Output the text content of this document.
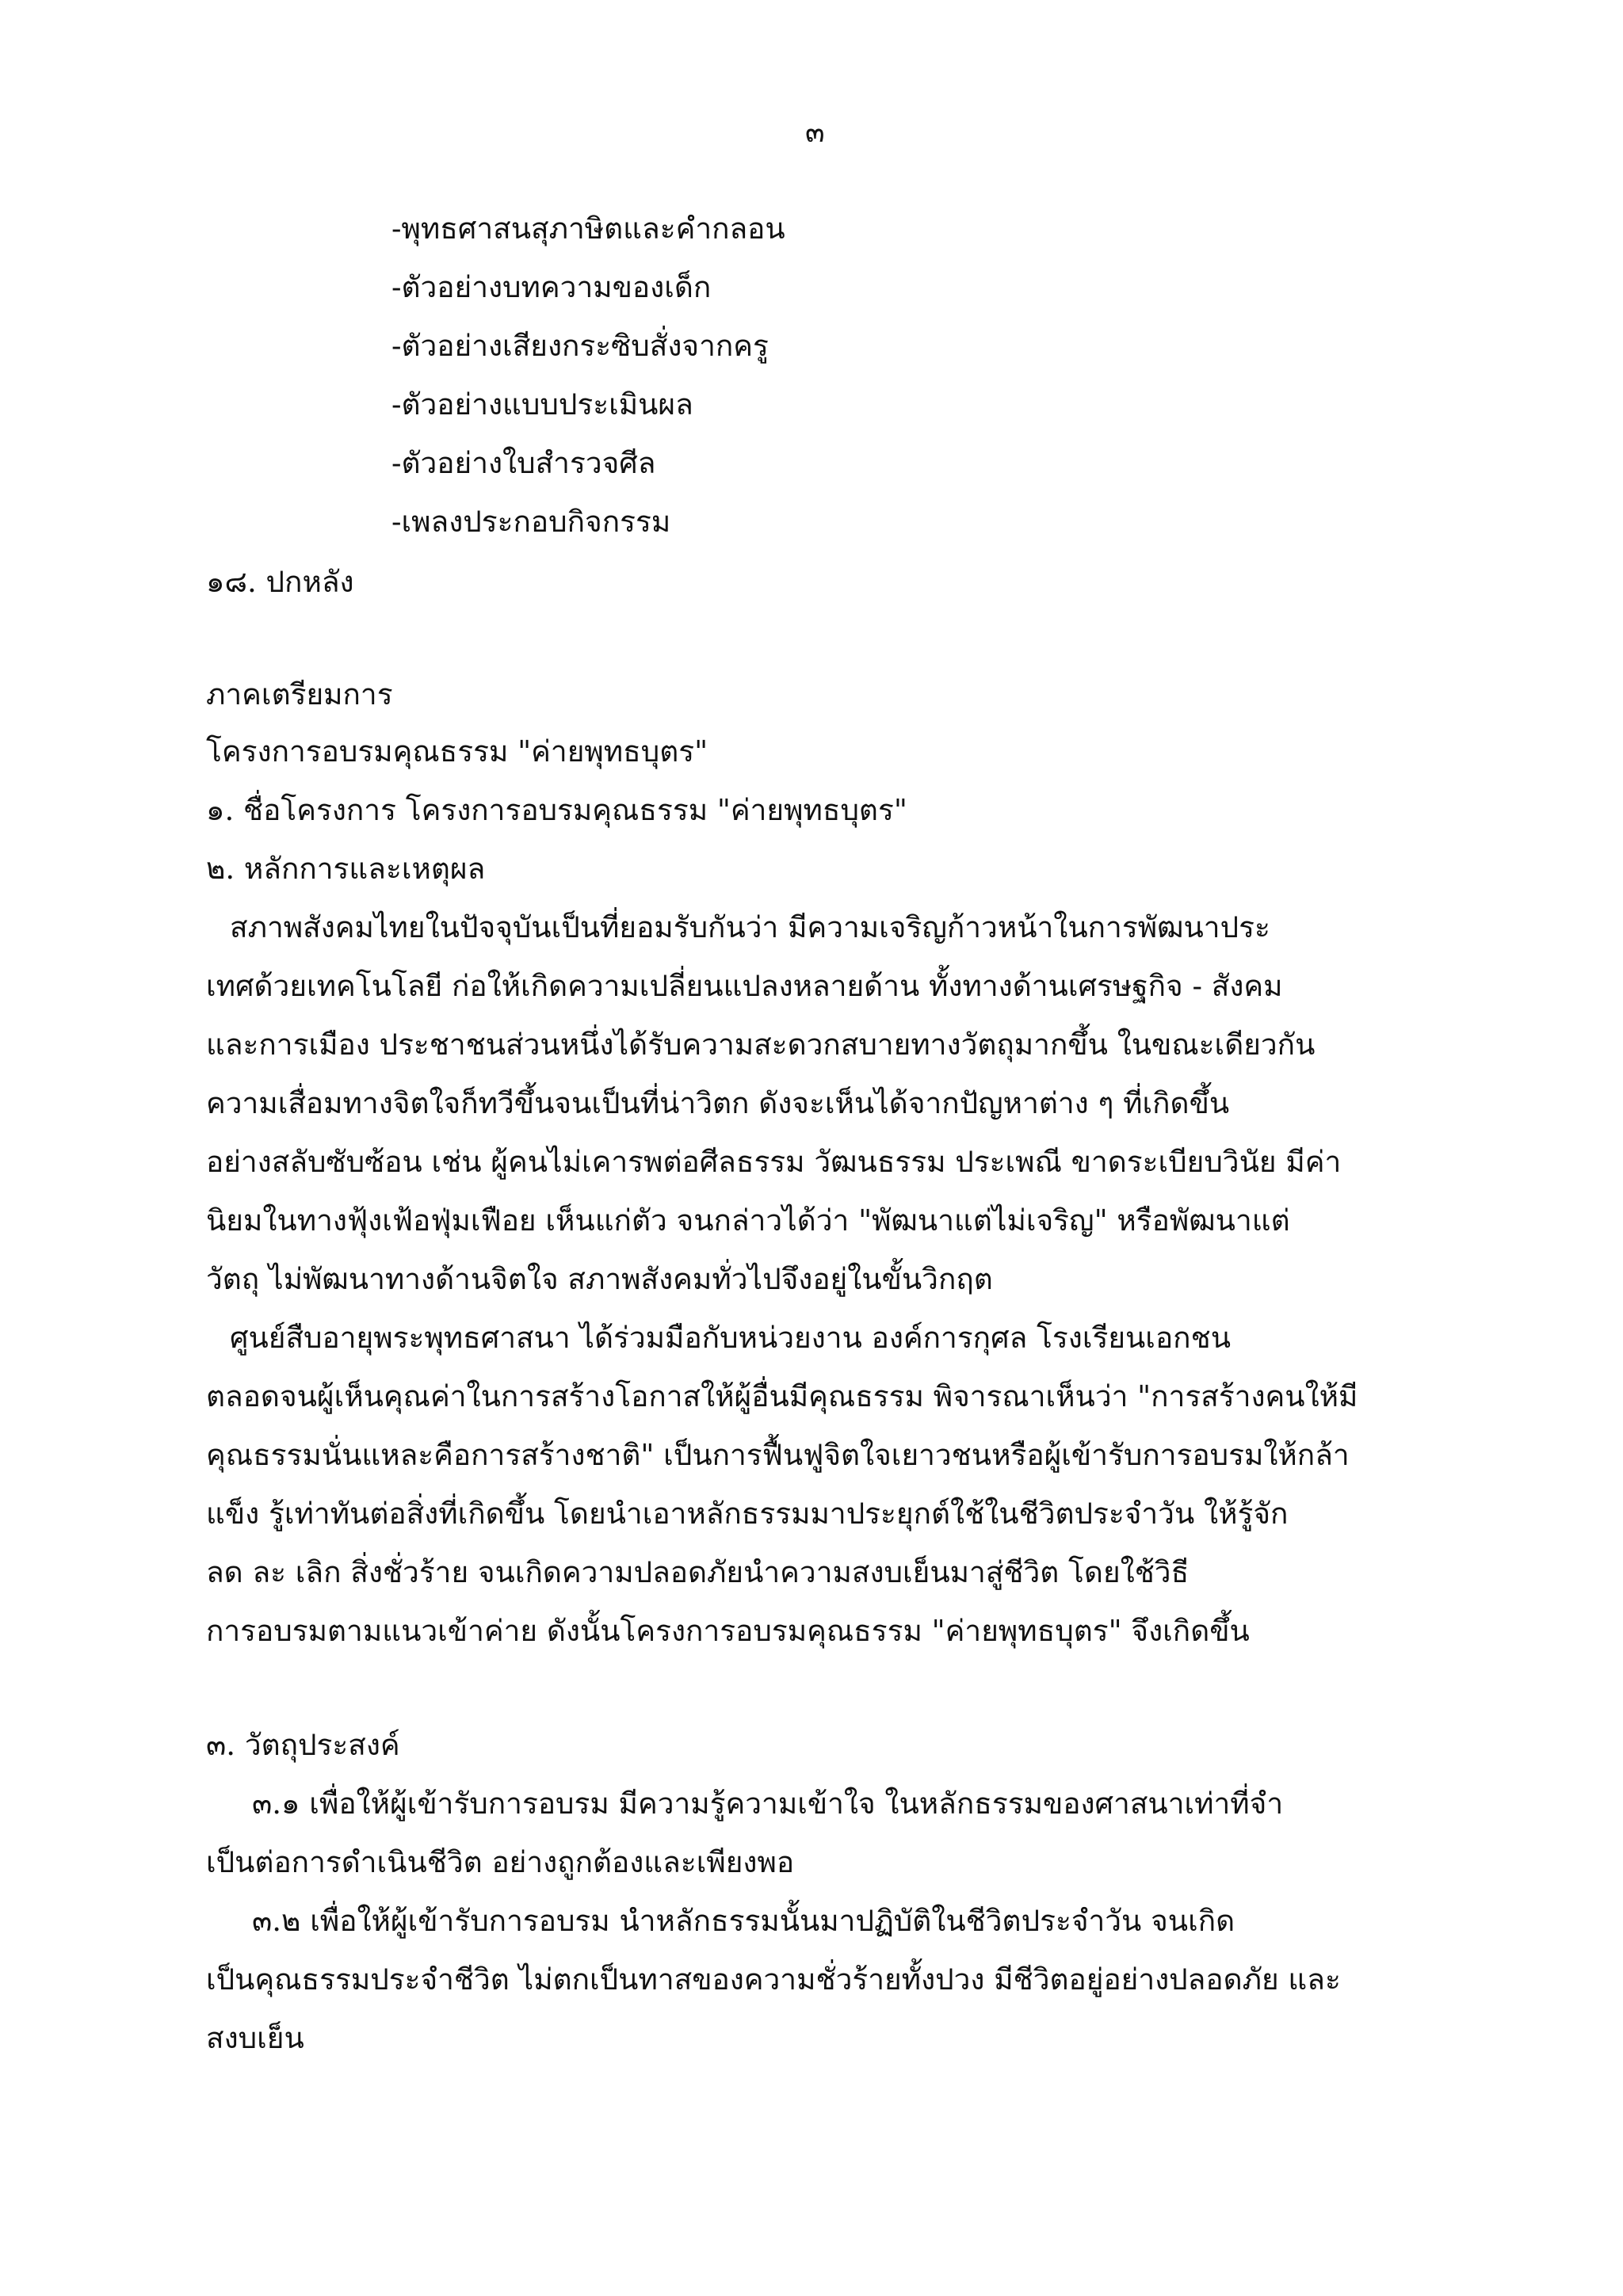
๓
-พุทธศาสนสุภาษิตและคำกลอน
-ตัวอย่างบทความของเด็ก
-ตัวอย่างเสียงกระซิบสั่งจากครู
-ตัวอย่างแบบประเมินผล
-ตัวอย่างใบสำรวจศีล
-เพลงประกอบกิจกรรม
๑๘. ปกหลัง
ภาคเตรียมการ
โครงการอบรมคุณธรรม "ค่ายพุทธบุตร"
๑. ชื่อโครงการ โครงการอบรมคุณธรรม "ค่ายพุทธบุตร"
๒. หลักการและเหตุผล
สภาพสังคมไทยในปัจจุบันเป็นที่ยอมรับกันว่า มีความเจริญก้าวหน้าในการพัฒนาประ
เทศด้วยเทคโนโลยี ก่อให้เกิดความเปลี่ยนแปลงหลายด้าน ทั้งทางด้านเศรษฐกิจ - สังคม
และการเมือง ประชาชนส่วนหนึ่งได้รับความสะดวกสบายทางวัตถุมากขึ้น ในขณะเดียวกัน
ความเสื่อมทางจิตใจก็ทวีขึ้นจนเป็นที่น่าวิตก ดังจะเห็นได้จากปัญหาต่าง ๆ ที่เกิดขึ้น
อย่างสลับซับซ้อน เช่น ผู้คนไม่เคารพต่อศีลธรรม วัฒนธรรม ประเพณี ขาดระเบียบวินัย มีค่า
นิยมในทางฟุ้งเฟ้อฟุ่มเฟือย เห็นแก่ตัว จนกล่าวได้ว่า "พัฒนาแต่ไม่เจริญ" หรือพัฒนาแต่
วัตถุ ไม่พัฒนาทางด้านจิตใจ สภาพสังคมทั่วไปจึงอยู่ในขั้นวิกฤต
ศูนย์สืบอายุพระพุทธศาสนา ได้ร่วมมือกับหน่วยงาน องค์การกุศล โรงเรียนเอกชน
ตลอดจนผู้เห็นคุณค่าในการสร้างโอกาสให้ผู้อื่นมีคุณธรรม พิจารณาเห็นว่า "การสร้างคนให้มี
คุณธรรมนั่นแหละคือการสร้างชาติ" เป็นการฟื้นฟูจิตใจเยาวชนหรือผู้เข้ารับการอบรมให้กล้า
แข็ง รู้เท่าทันต่อสิ่งที่เกิดขึ้น โดยนำเอาหลักธรรมมาประยุกต์ใช้ในชีวิตประจำวัน ให้รู้จัก
ลด ละ เลิก สิ่งชั่วร้าย จนเกิดความปลอดภัยนำความสงบเย็นมาสู่ชีวิต โดยใช้วิธี
การอบรมตามแนวเข้าค่าย ดังนั้นโครงการอบรมคุณธรรม "ค่ายพุทธบุตร" จึงเกิดขึ้น
๓. วัตถุประสงค์
๓.๑ เพื่อให้ผู้เข้ารับการอบรม มีความรู้ความเข้าใจ ในหลักธรรมของศาสนาเท่าที่จำ
เป็นต่อการดำเนินชีวิต อย่างถูกต้องและเพียงพอ
๓.๒ เพื่อให้ผู้เข้ารับการอบรม นำหลักธรรมนั้นมาปฏิบัติในชีวิตประจำวัน จนเกิด
เป็นคุณธรรมประจำชีวิต ไม่ตกเป็นทาสของความชั่วร้ายทั้งปวง มีชีวิตอยู่อย่างปลอดภัย และ
สงบเย็น
